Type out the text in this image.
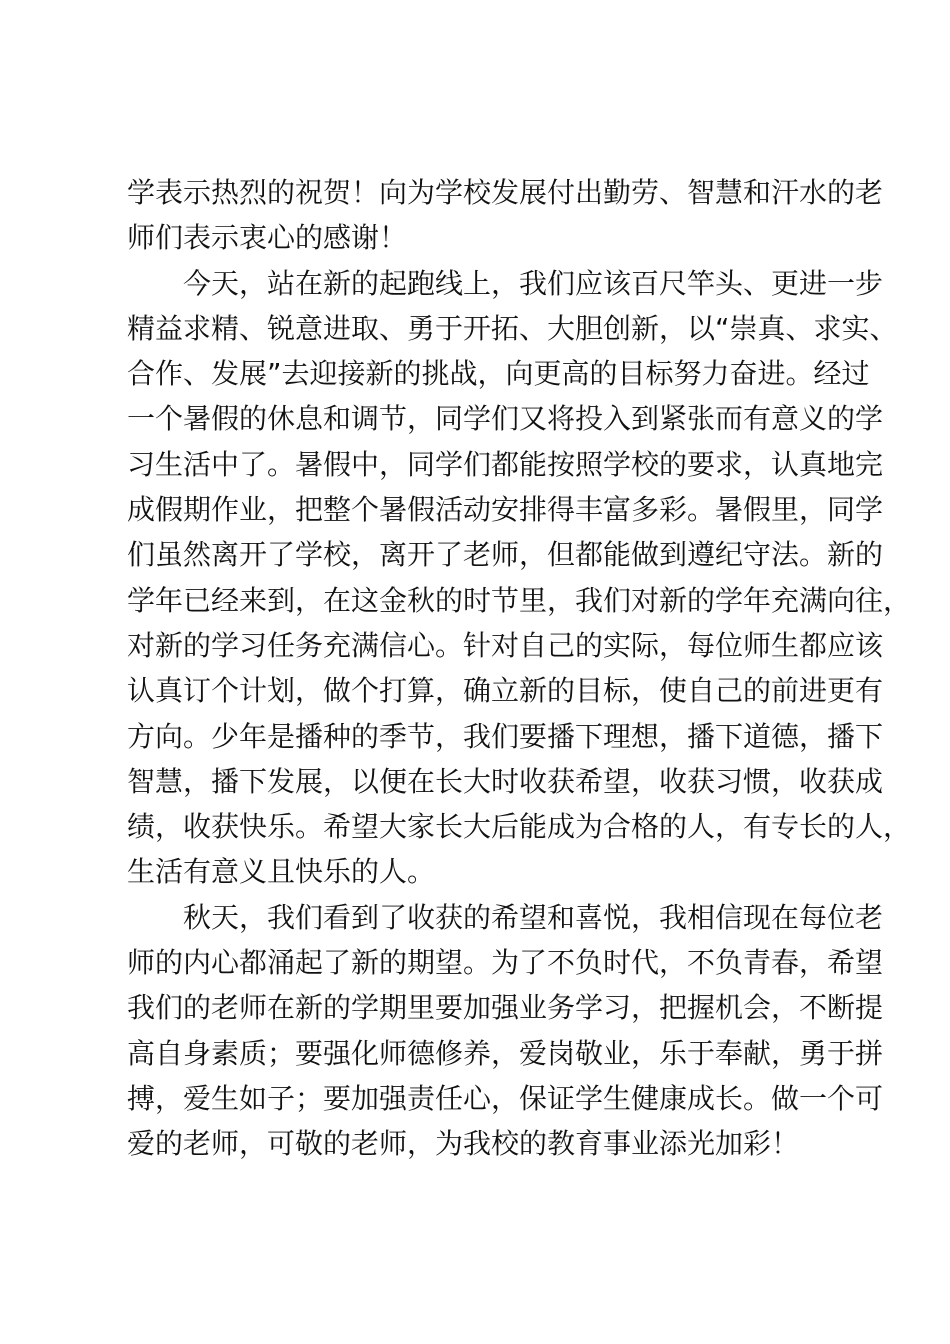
学表示热烈的祝贺！向为学校发展付出勤劳、智慧和汗水的老
师们表示衷心的感谢！
今天，站在新的起跑线上，我们应该百尺竿头、更进一步
精益求精、锐意进取、勇于开拓、大胆创新，以“崇真、求实、
合作、发展”去迎接新的挑战，向更高的目标努力奋进。经过
一个暑假的休息和调节，同学们又将投入到紧张而有意义的学
习生活中了。暑假中，同学们都能按照学校的要求，认真地完
成假期作业，把整个暑假活动安排得丰富多彩。暑假里，同学
们虽然离开了学校，离开了老师，但都能做到遵纪守法。新的
学年已经来到，在这金秋的时节里，我们对新的学年充满向往，
对新的学习任务充满信心。针对自己的实际，每位师生都应该
认真订个计划，做个打算，确立新的目标，使自己的前进更有
方向。少年是播种的季节，我们要播下理想，播下道德，播下
智慧，播下发展，以便在长大时收获希望，收获习惯，收获成
绩，收获快乐。希望大家长大后能成为合格的人，有专长的人，
生活有意义且快乐的人。
秋天，我们看到了收获的希望和喜悦，我相信现在每位老
师的内心都涌起了新的期望。为了不负时代，不负青春，希望
我们的老师在新的学期里要加强业务学习，把握机会，不断提
高自身素质；要强化师德修养，爱岗敬业，乐于奉献，勇于拼
搏，爱生如子；要加强责任心，保证学生健康成长。做一个可
爱的老师，可敬的老师，为我校的教育事业添光加彩！
